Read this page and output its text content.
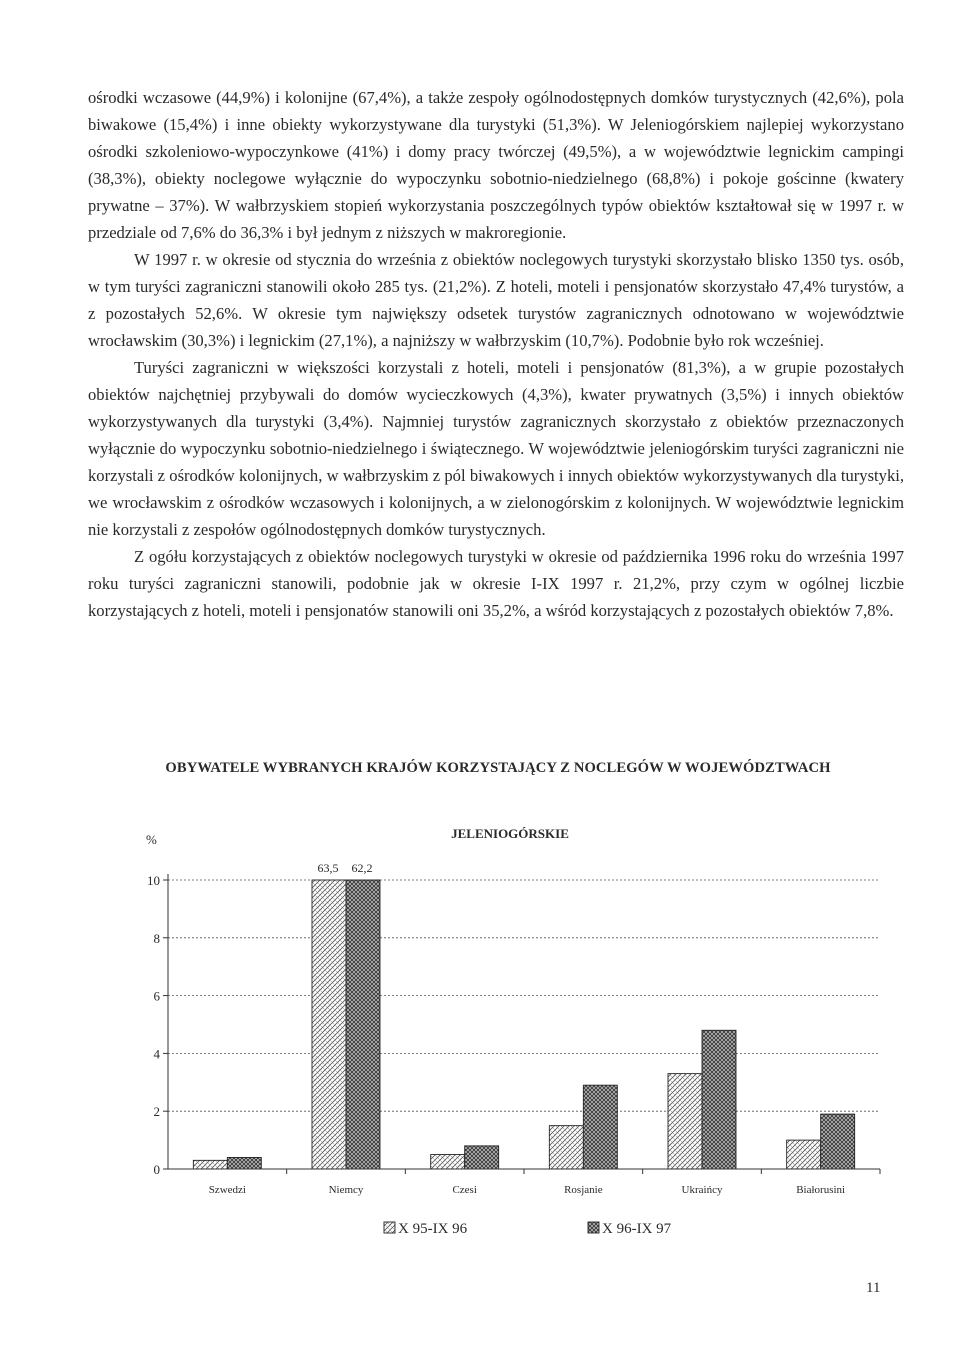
ośrodki wczasowe (44,9%) i kolonijne (67,4%), a także zespoły ogólnodostępnych domków turystycznych (42,6%), pola biwakowe (15,4%) i inne obiekty wykorzystywane dla turystyki (51,3%). W Jeleniogórskiem najlepiej wykorzystano ośrodki szkoleniowo-wypoczynkowe (41%) i domy pracy twórczej (49,5%), a w województwie legnickim campingi (38,3%), obiekty noclegowe wyłącznie do wypoczynku sobotnio-niedzielnego (68,8%) i pokoje gościnne (kwatery prywatne – 37%). W wałbrzyskiem stopień wykorzystania poszczególnych typów obiektów kształtował się w 1997 r. w przedziale od 7,6% do 36,3% i był jednym z niższych w makroregionie.

W 1997 r. w okresie od stycznia do września z obiektów noclegowych turystyki skorzystało blisko 1350 tys. osób, w tym turyści zagraniczni stanowili około 285 tys. (21,2%). Z hoteli, moteli i pensjonatów skorzystało 47,4% turystów, a z pozostałych 52,6%. W okresie tym największy odsetek turystów zagranicznych odnotowano w województwie wrocławskim (30,3%) i legnickim (27,1%), a najniższy w wałbrzyskim (10,7%). Podobnie było rok wcześniej.

Turyści zagraniczni w większości korzystali z hoteli, moteli i pensjonatów (81,3%), a w grupie pozostałych obiektów najchętniej przybywali do domów wycieczkowych (4,3%), kwater prywatnych (3,5%) i innych obiektów wykorzystywanych dla turystyki (3,4%). Najmniej turystów zagranicznych skorzystało z obiektów przeznaczonych wyłącznie do wypoczynku sobotnio-niedzielnego i świątecznego. W województwie jeleniogórskim turyści zagraniczni nie korzystali z ośrodków kolonijnych, w wałbrzyskim z pól biwakowych i innych obiektów wykorzystywanych dla turystyki, we wrocławskim z ośrodków wczasowych i kolonijnych, a w zielonogórskim z kolonijnych. W województwie legnickim nie korzystali z zespołów ogólnodostępnych domków turystycznych.

Z ogółu korzystających z obiektów noclegowych turystyki w okresie od października 1996 roku do września 1997 roku turyści zagraniczni stanowili, podobnie jak w okresie I-IX 1997 r. 21,2%, przy czym w ogólnej liczbie korzystających z hoteli, moteli i pensjonatów stanowili oni 35,2%, a wśród korzystających z pozostałych obiektów 7,8%.

OBYWATELE WYBRANYCH KRAJÓW KORZYSTAJĄCY Z NOCLEGÓW W WOJEWÓDZTWACH
%	JELENIOGÓRSKIE
0
2
4
6
8
10
Szwedzi	Niemcy	Czesi	Rosjanie	Ukraińcy	Białorusini
63,5 62,2
X 95-IX 96	X 96-IX 97
11
